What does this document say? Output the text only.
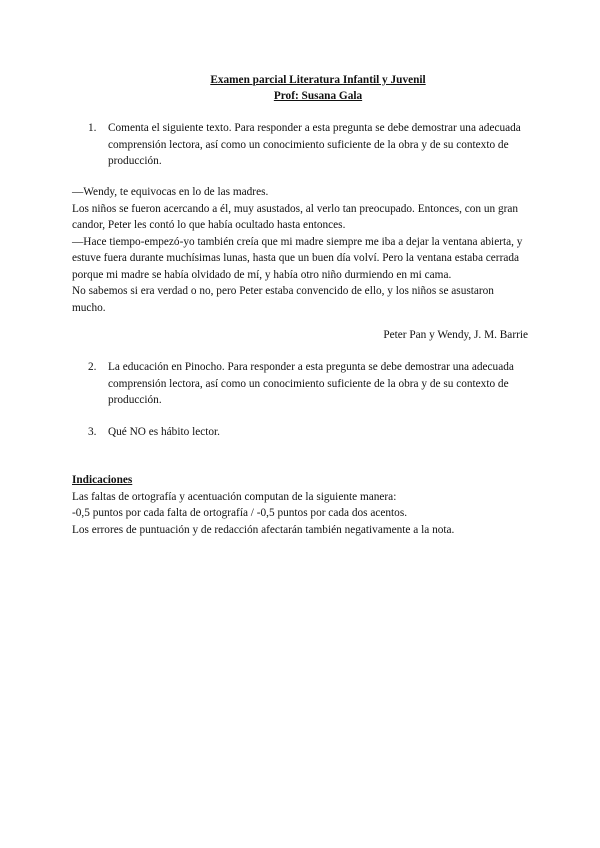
Examen parcial Literatura Infantil y Juvenil
Prof: Susana Gala
1. Comenta el siguiente texto. Para responder a esta pregunta se debe demostrar una adecuada comprensión lectora, así como un conocimiento suficiente de la obra y de su contexto de producción.

—Wendy, te equivocas en lo de las madres.

Los niños se fueron acercando a él, muy asustados, al verlo tan preocupado. Entonces, con un gran candor, Peter les contó lo que había ocultado hasta entonces.

—Hace tiempo-empezó-yo también creía que mi madre siempre me iba a dejar la ventana abierta, y estuve fuera durante muchísimas lunas, hasta que un buen día volví. Pero la ventana estaba cerrada porque mi madre se había olvidado de mí, y había otro niño durmiendo en mi cama.

No sabemos si era verdad o no, pero Peter estaba convencido de ello, y los niños se asustaron mucho.

Peter Pan y Wendy, J. M. Barrie
2. La educación en Pinocho. Para responder a esta pregunta se debe demostrar una adecuada comprensión lectora, así como un conocimiento suficiente de la obra y de su contexto de producción.
3. Qué NO es hábito lector.

Indicaciones

Las faltas de ortografía y acentuación computan de la siguiente manera:

-0,5 puntos por cada falta de ortografía / -0,5 puntos por cada dos acentos.

Los errores de puntuación y de redacción afectarán también negativamente a la nota.
